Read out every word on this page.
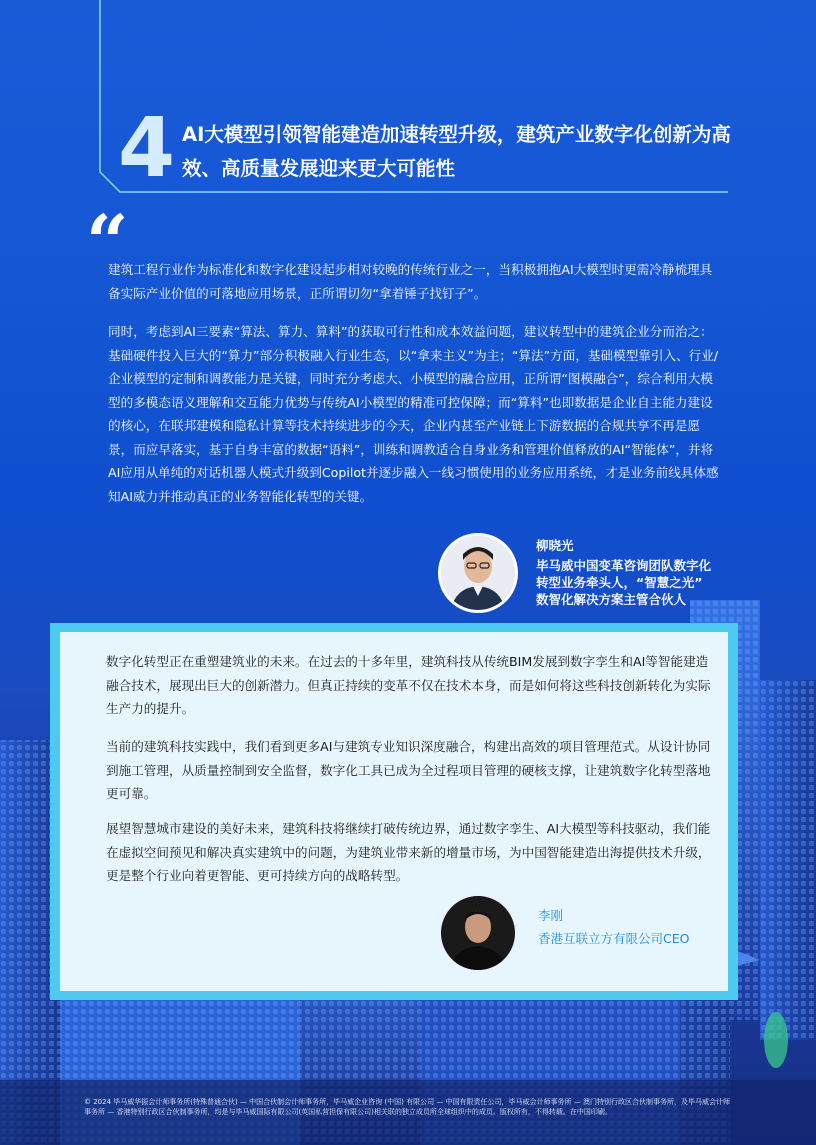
4 AI大模型引领智能建造加速转型升级，建筑产业数字化创新为高效、高质量发展迎来更大可能性
“
建筑工程行业作为标准化和数字化建设起步相对较晚的传统行业之一，当积极拥抱AI大模型时更需冷静梳理具备实际产业价值的可落地应用场景，正所谓切勿“拿着锤子找钉子”。
同时，考虑到AI三要素“算法、算力、算料”的获取可行性和成本效益问题，建议转型中的建筑企业分而治之：基础硬件投入巨大的“算力”部分积极融入行业生态，以“拿来主义”为主；“算法”方面，基础模型靠引入、行业/企业模型的定制和调教能力是关键，同时充分考虑大、小模型的融合应用，正所谓“图模融合”，综合利用大模型的多模态语义理解和交互能力优势与传统AI小模型的精准可控保障；而“算料”也即数据是企业自主能力建设的核心，在联邦建模和隐私计算等技术持续进步的今天，企业内甚至产业链上下游数据的合规共享不再是愿景，而应早落实，基于自身丰富的数据“语料”，训练和调教适合自身业务和管理价值释放的AI“智能体”，并将AI应用从单纯的对话机器人模式升级到Copilot并逐步融入一线习惯使用的业务应用系统，才是业务前线具体感知AI威力并推动真正的业务智能化转型的关键。
柳晓光
毕马威中国变革咨询团队数字化
转型业务牵头人，“智慧之光”
数智化解决方案主管合伙人
数字化转型正在重塑建筑业的未来。在过去的十多年里，建筑科技从传统BIM发展到数字孪生和AI等智能建造融合技术，展现出巨大的创新潜力。但真正持续的变革不仅在技术本身，而是如何将这些科技创新转化为实际生产力的提升。
当前的建筑科技实践中，我们看到更多AI与建筑专业知识深度融合，构建出高效的项目管理范式。从设计协同到施工管理，从质量控制到安全监督，数字化工具已成为全过程项目管理的硬核支撑，让建筑数字化转型落地更可靠。
展望智慧城市建设的美好未来，建筑科技将继续打破传统边界，通过数字孪生、AI大模型等科技驱动，我们能在虚拟空间预见和解决真实建筑中的问题，为建筑业带来新的增量市场，为中国智能建造出海提供技术升级，更是整个行业向着更智能、更可持续方向的战略转型。
李刚
香港互联立方有限公司CEO
© 2024 毕马威华振会计师事务所(特殊普通合伙) — 中国合伙制会计师事务所，毕马威企业咨询 (中国) 有限公司 — 中国有限责任公司，毕马威会计师事务所 — 澳门特别行政区合伙制事务所，及毕马威会计师事务所 — 香港特别行政区合伙制事务所，均是与毕马威国际有限公司(英国私营担保有限公司)相关联的独立成员所全球组织中的成员。版权所有，不得转载。在中国印刷。
